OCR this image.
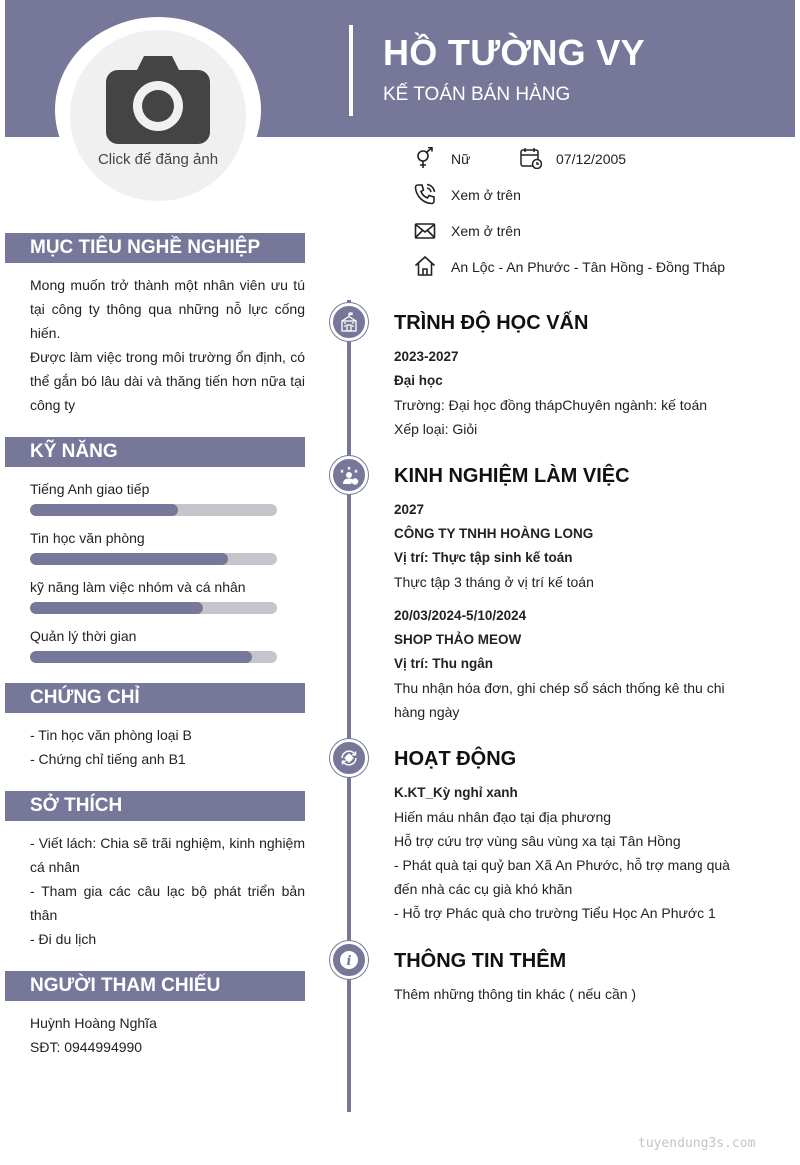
Click để đăng ảnh
HỒ TƯỜNG VY
KẾ TOÁN BÁN HÀNG
Nữ	07/12/2005
Xem ở trên
Xem ở trên
An Lộc - An Phước - Tân Hồng - Đồng Tháp
MỤC TIÊU NGHỀ NGHIỆP
Mong muốn trở thành một nhân viên ưu tú tại công ty thông qua những nỗ lực cống hiến.
Được làm việc trong môi trường ổn định, có thể gắn bó lâu dài và thăng tiến hơn nữa tại công ty
KỸ NĂNG
Tiếng Anh giao tiếp
Tin học văn phòng
kỹ năng làm việc nhóm và cá nhân
Quản lý thời gian
CHỨNG CHỈ
- Tin học văn phòng loại B
- Chứng chỉ tiếng anh B1
SỞ THÍCH
- Viết lách: Chia sẽ trãi nghiệm, kinh nghiệm cá nhân
- Tham gia các câu lạc bộ phát triển bản thân
- Đi du lịch
NGƯỜI THAM CHIẾU
Huỳnh Hoàng Nghĩa
SĐT: 0944994990
TRÌNH ĐỘ HỌC VẤN
2023-2027
Đại học
Trường: Đại học đồng thápChuyên ngành: kế toán
Xếp loại: Giỏi
KINH NGHIỆM LÀM VIỆC
2027
CÔNG TY TNHH HOÀNG LONG
Vị trí: Thực tập sinh kế toán
Thực tập 3 tháng ở vị trí kế toán
20/03/2024-5/10/2024
SHOP THẢO MEOW
Vị trí: Thu ngân
Thu nhận hóa đơn, ghi chép sổ sách thống kê thu chi
hàng ngày
HOẠT ĐỘNG
K.KT_Kỳ nghỉ xanh
Hiến máu nhân đạo tại địa phương
Hỗ trợ cứu trợ vùng sâu vùng xa tại Tân Hồng
- Phát quà tại quỷ ban Xã An Phước, hỗ trợ mang quà
đến nhà các cụ già khó khăn
- Hỗ trợ Phác quà cho trường Tiểu Học An Phước 1
i THÔNG TIN THÊM
Thêm những thông tin khác ( nếu cần )
tuyendung3s.com
